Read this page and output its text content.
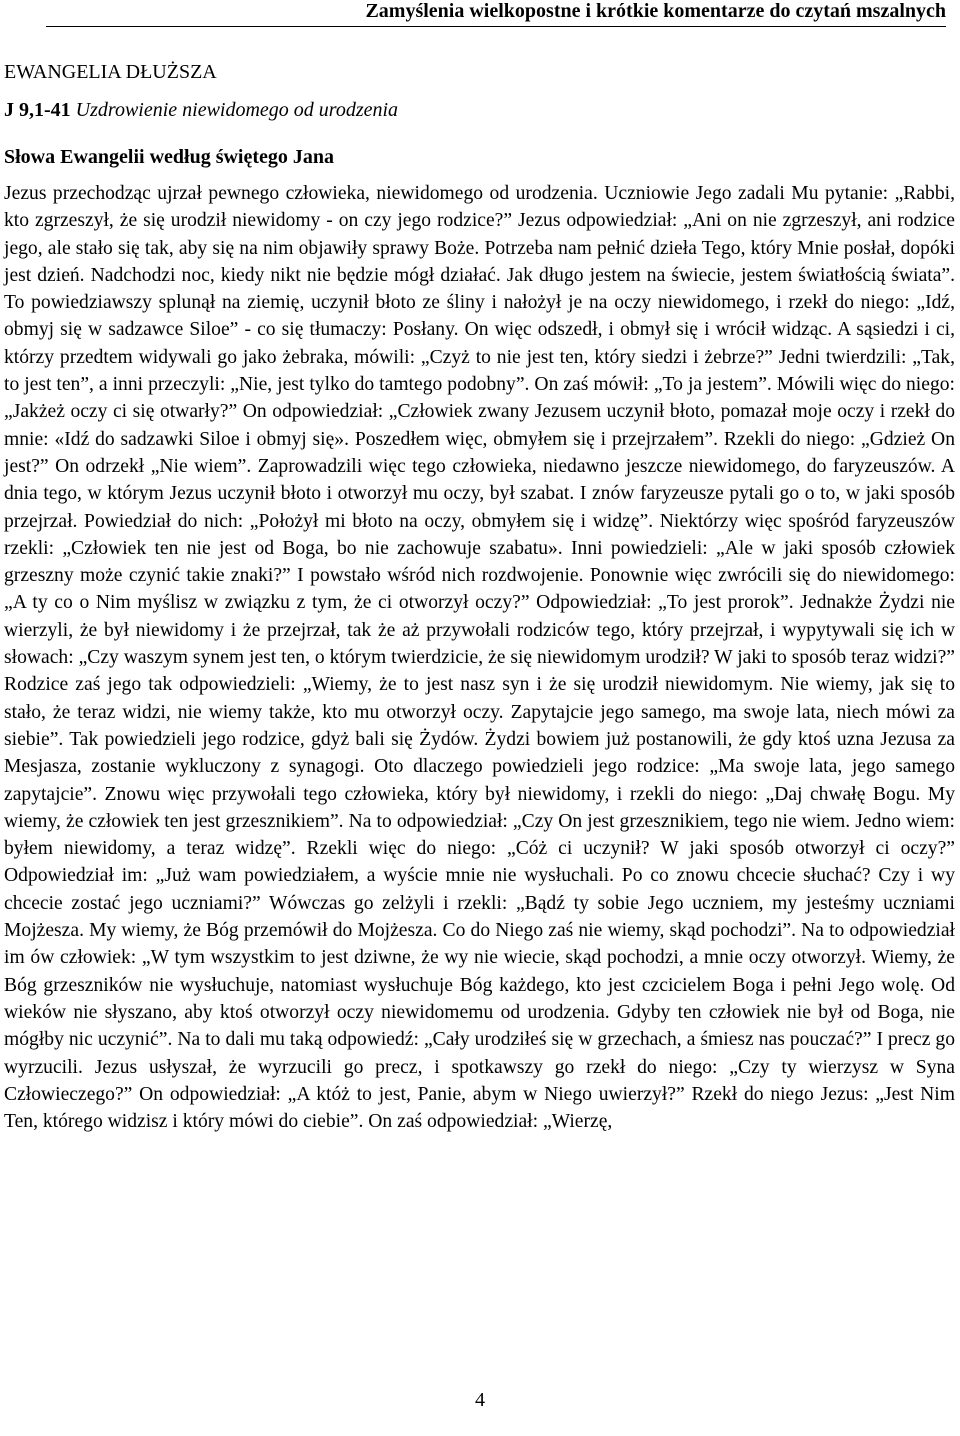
Zamyślenia wielkopostne i krótkie komentarze do czytań mszalnych
EWANGELIA DŁUŻSZA
J 9,1-41 Uzdrowienie niewidomego od urodzenia
Słowa Ewangelii według świętego Jana

Jezus przechodząc ujrzał pewnego człowieka, niewidomego od urodzenia. Uczniowie Jego zadali Mu pytanie: „Rabbi, kto zgrzeszył, że się urodził niewidomy - on czy jego rodzice?” Jezus odpowiedział: „Ani on nie zgrzeszył, ani rodzice jego, ale stało się tak, aby się na nim objawiły sprawy Boże. Potrzeba nam pełnić dzieła Tego, który Mnie posłał, dopóki jest dzień. Nadchodzi noc, kiedy nikt nie będzie mógł działać. Jak długo jestem na świecie, jestem światłością świata”. To powiedziawszy splunął na ziemię, uczynił błoto ze śliny i nałożył je na oczy niewidomego, i rzekł do niego: „Idź, obmyj się w sadzawce Siloe” - co się tłumaczy: Posłany. On więc odszedł, i obmył się i wrócił widząc. A sąsiedzi i ci, którzy przedtem widywali go jako żebraka, mówili: „Czyż to nie jest ten, który siedzi i żebrze?” Jedni twierdzili: „Tak, to jest ten”, a inni przeczyli: „Nie, jest tylko do tamtego podobny”. On zaś mówił: „To ja jestem”. Mówili więc do niego: „Jakżeż oczy ci się otwarły?” On odpowiedział: „Człowiek zwany Jezusem uczynił błoto, pomazał moje oczy i rzekł do mnie: «Idź do sadzawki Siloe i obmyj się». Poszedłem więc, obmyłem się i przejrzałem”. Rzekli do niego: „Gdzież On jest?” On odrzekł „Nie wiem”. Zaprowadzili więc tego człowieka, niedawno jeszcze niewidomego, do faryzeuszów. A dnia tego, w którym Jezus uczynił błoto i otworzył mu oczy, był szabat. I znów faryzeusze pytali go o to, w jaki sposób przejrzał. Powiedział do nich: „Położył mi błoto na oczy, obmyłem się i widzę”. Niektórzy więc spośród faryzeuszów rzekli: „Człowiek ten nie jest od Boga, bo nie zachowuje szabatu». Inni powiedzieli: „Ale w jaki sposób człowiek grzeszny może czynić takie znaki?” I powstało wśród nich rozdwojenie. Ponownie więc zwrócili się do niewidomego: „A ty co o Nim myślisz w związku z tym, że ci otworzył oczy?” Odpowiedział: „To jest prorok”. Jednakże Żydzi nie wierzyli, że był niewidomy i że przejrzał, tak że aż przywołali rodziców tego, który przejrzał, i wypytywali się ich w słowach: „Czy waszym synem jest ten, o którym twierdzicie, że się niewidomym urodził? W jaki to sposób teraz widzi?” Rodzice zaś jego tak odpowiedzieli: „Wiemy, że to jest nasz syn i że się urodził niewidomym. Nie wiemy, jak się to stało, że teraz widzi, nie wiemy także, kto mu otworzył oczy. Zapytajcie jego samego, ma swoje lata, niech mówi za siebie”. Tak powiedzieli jego rodzice, gdyż bali się Żydów. Żydzi bowiem już postanowili, że gdy ktoś uzna Jezusa za Mesjasza, zostanie wykluczony z synagogi. Oto dlaczego powiedzieli jego rodzice: „Ma swoje lata, jego samego zapytajcie”. Znowu więc przywołali tego człowieka, który był niewidomy, i rzekli do niego: „Daj chwałę Bogu. My wiemy, że człowiek ten jest grzesznikiem”. Na to odpowiedział: „Czy On jest grzesznikiem, tego nie wiem. Jedno wiem: byłem niewidomy, a teraz widzę”. Rzekli więc do niego: „Cóż ci uczynił? W jaki sposób otworzył ci oczy?” Odpowiedział im: „Już wam powiedziałem, a wyście mnie nie wysłuchali. Po co znowu chcecie słuchać? Czy i wy chcecie zostać jego uczniami?” Wówczas go zelżyli i rzekli: „Bądź ty sobie Jego uczniem, my jesteśmy uczniami Mojżesza. My wiemy, że Bóg przemówił do Mojżesza. Co do Niego zaś nie wiemy, skąd pochodzi”. Na to odpowiedział im ów człowiek: „W tym wszystkim to jest dziwne, że wy nie wiecie, skąd pochodzi, a mnie oczy otworzył. Wiemy, że Bóg grzeszników nie wysłuchuje, natomiast wysłuchuje Bóg każdego, kto jest czcicielem Boga i pełni Jego wolę. Od wieków nie słyszano, aby ktoś otworzył oczy niewidomemu od urodzenia. Gdyby ten człowiek nie był od Boga, nie mógłby nic uczynić”. Na to dali mu taką odpowiedź: „Cały urodziłeś się w grzechach, a śmiesz nas pouczać?” I precz go wyrzucili. Jezus usłyszał, że wyrzucili go precz, i spotkawszy go rzekł do niego: „Czy ty wierzysz w Syna Człowieczego?” On odpowiedział: „A któż to jest, Panie, abym w Niego uwierzył?” Rzekł do niego Jezus: „Jest Nim Ten, którego widzisz i który mówi do ciebie”. On zaś odpowiedział: „Wierzę,

4
